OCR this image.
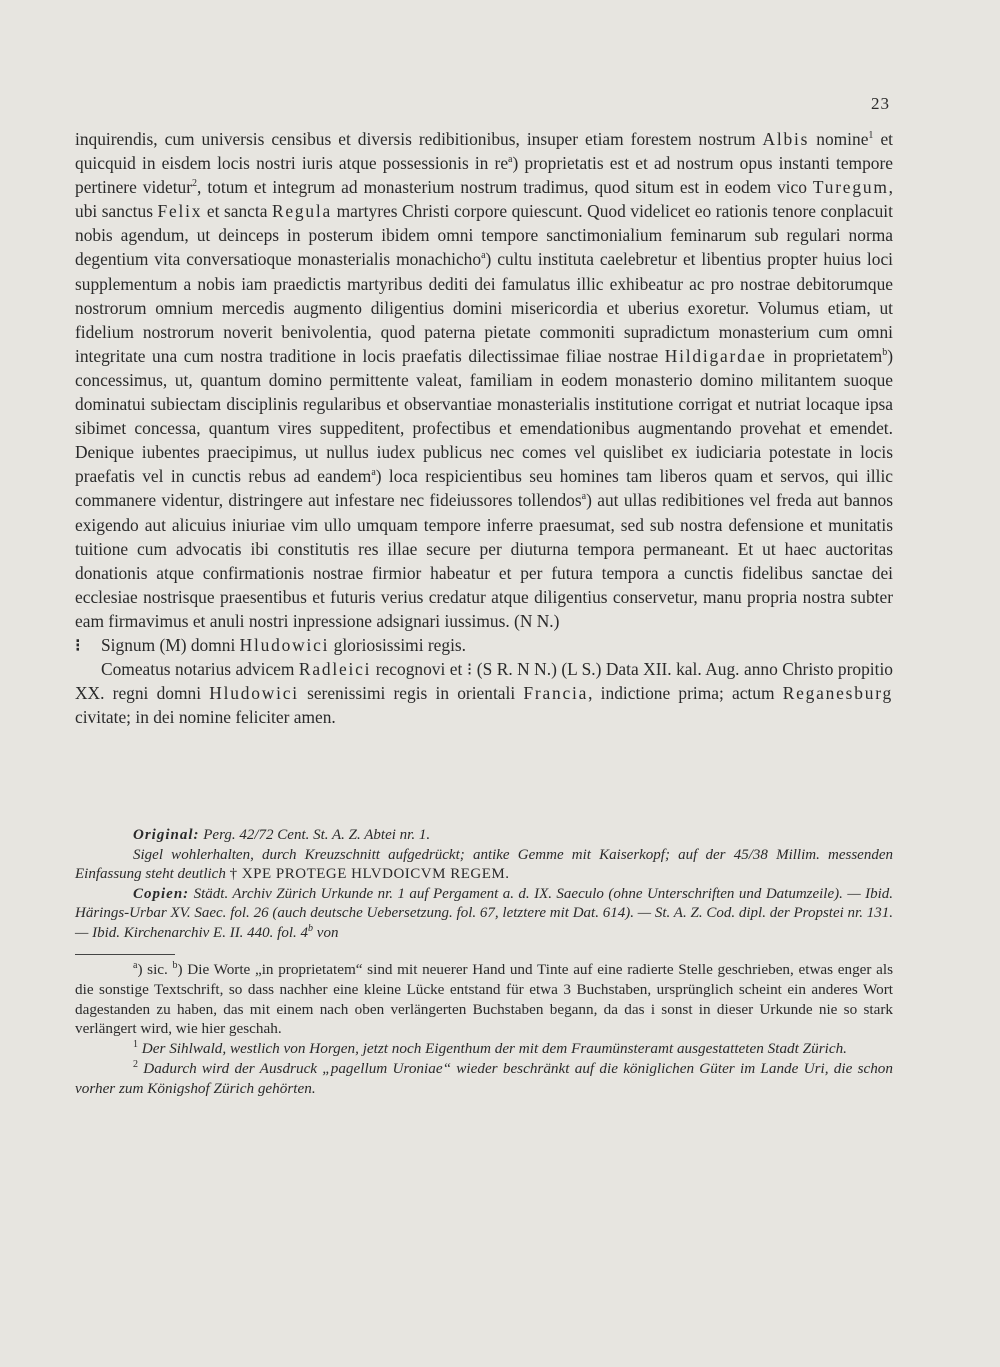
23

inquirendis, cum universis censibus et diversis redibitionibus, insuper etiam forestem nostrum Albis nomine$^1$ et quicquid in eisdem locis nostri iuris atque possessionis in $re^a$) proprietatis est et ad nostrum opus instanti tempore pertinere videtur$^2$, totum et integrum ad monasterium nostrum tradimus, quod situm est in eodem vico Turegum, ubi sanctus Felix et sancta Regula martyres Christi corpore quiescunt. Quod videlicet eo rationis tenore conplacuit nobis agendum, ut deinceps in posterum ibidem omni tempore sanctimonialium feminarum sub regulari norma degentium vita conversatioque monasterialis monachicho$^a$) cultu instituta caelebretur et libentius propter huius loci supplementum a nobis iam praedictis martyribus dediti dei famulatus illic exhibeatur ac pro nostrae debitorumque nostrorum omnium mercedis augmento diligentius domini misericordia et uberius exoretur. Volumus etiam, ut fidelium nostrorum noverit benivolentia, quod paterna pietate commoniti supradictum monasterium cum omni integritate una cum nostra traditione in locis praefatis dilectissimae filiae nostrae Hildigardae in proprietatem$^b$) concessimus, ut, quantum domino permittente valeat, familiam in eodem monasterio domino militantem suoque dominatui subiectam disciplinis regularibus et observantiae monasterialis institutione corrigat et nutriat locaque ipsa sibimet concessa, quantum vires suppeditent, profectibus et emendationibus augmentando provehat et emendet. Denique iubentes praecipimus, ut nullus iudex publicus nec comes vel quislibet ex iudiciaria potestate in locis praefatis vel in cunctis rebus ad eandem$^a$) loca respicientibus seu homines tam liberos quam et servos, qui illic commanere videntur, distringere aut infestare nec fideiussores tollendos$^a$) aut ullas redibitiones vel freda aut bannos exigendo aut alicuius iniuriae vim ullo umquam tempore inferre praesumat, sed sub nostra defensione et munitatis tuitione cum advocatis ibi constitutis res illae secure per diuturna tempora permaneant. Et ut haec auctoritas donationis atque confirmationis nostrae firmior habeatur et per futura tempora a cunctis fidelibus sanctae dei ecclesiae nostrisque praesentibus et futuris verius credatur atque diligentius conservetur, manu propria nostra subter eam firmavimus et anuli nostri inpressione adsignari iussimus. (N N.)

⁝ Signum (M) domni Hludowici gloriosissimi regis.

Comeatus notarius advicem Radleici recognovi et ⁝ (S R. N N.) (L S.) Data XII. kal. Aug. anno Christo propitio XX. regni domni Hludowici serenissimi regis in orientali Francia, indictione prima; actum Reganesburg civitate; in dei nomine feliciter amen.

Original: Perg. 42/72 Cent. St. A. Z. Abtei nr. 1.

Sigel wohlerhalten, durch Kreuzschnitt aufgedrückt; antike Gemme mit Kaiserkopf; auf der 45/38 Millim. messenden Einfassung steht deutlich † XPE PROTEGE HLVDOICVM REGEM.

Copien: Städt. Archiv Zürich Urkunde nr. 1 auf Pergament a. d. IX. Saeculo (ohne Unterschriften und Datumzeile). — Ibid. Härings-Urbar XV. Saec. fol. 26 (auch deutsche Uebersetzung. fol. 67, letztere mit Dat. 614). — St. A. Z. Cod. dipl. der Propstei nr. 131. — Ibid. Kirchenarchiv E. II. 440. fol. 4$^b$ von

$^a$) sic. $^b$) Die Worte „in proprietatem“ sind mit neuerer Hand und Tinte auf eine radierte Stelle geschrieben, etwas enger als die sonstige Textschrift, so dass nachher eine kleine Lücke entstand für etwa 3 Buchstaben, ursprünglich scheint ein anderes Wort dagestanden zu haben, das mit einem nach oben verlängerten Buchstaben begann, da das i sonst in dieser Urkunde nie so stark verlängert wird, wie hier geschah.

$^1$ Der Sihlwald, westlich von Horgen, jetzt noch Eigenthum der mit dem Fraumünsteramt ausgestatteten Stadt Zürich.

$^2$ Dadurch wird der Ausdruck „pagellum Uroniae“ wieder beschränkt auf die königlichen Güter im Lande Uri, die schon vorher zum Königshof Zürich gehörten.
